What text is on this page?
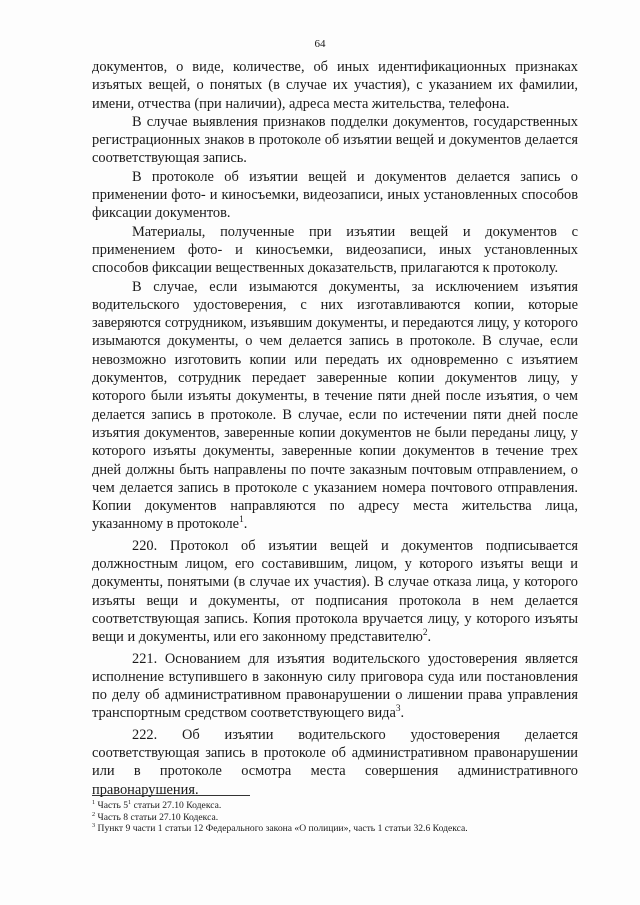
64

документов, о виде, количестве, об иных идентификационных признаках изъятых вещей, о понятых (в случае их участия), с указанием их фамилии, имени, отчества (при наличии), адреса места жительства, телефона.

В случае выявления признаков подделки документов, государственных регистрационных знаков в протоколе об изъятии вещей и документов делается соответствующая запись.

В протоколе об изъятии вещей и документов делается запись о применении фото- и киносъемки, видеозаписи, иных установленных способов фиксации документов.

Материалы, полученные при изъятии вещей и документов с применением фото- и киносъемки, видеозаписи, иных установленных способов фиксации вещественных доказательств, прилагаются к протоколу.

В случае, если изымаются документы, за исключением изъятия водительского удостоверения, с них изготавливаются копии, которые заверяются сотрудником, изъявшим документы, и передаются лицу, у которого изымаются документы, о чем делается запись в протоколе. В случае, если невозможно изготовить копии или передать их одновременно с изъятием документов, сотрудник передает заверенные копии документов лицу, у которого были изъяты документы, в течение пяти дней после изъятия, о чем делается запись в протоколе. В случае, если по истечении пяти дней после изъятия документов, заверенные копии документов не были переданы лицу, у которого изъяты документы, заверенные копии документов в течение трех дней должны быть направлены по почте заказным почтовым отправлением, о чем делается запись в протоколе с указанием номера почтового отправления. Копии документов направляются по адресу места жительства лица, указанному в протоколе$^1$.

220. Протокол об изъятии вещей и документов подписывается должностным лицом, его составившим, лицом, у которого изъяты вещи и документы, понятыми (в случае их участия). В случае отказа лица, у которого изъяты вещи и документы, от подписания протокола в нем делается соответствующая запись. Копия протокола вручается лицу, у которого изъяты вещи и документы, или его законному представителю$^2$.

221. Основанием для изъятия водительского удостоверения является исполнение вступившего в законную силу приговора суда или постановления по делу об административном правонарушении о лишении права управления транспортным средством соответствующего вида$^3$.

222. Об изъятии водительского удостоверения делается соответствующая запись в протоколе об административном правонарушении или в протоколе осмотра места совершения административного правонарушения.

$^1$ Часть $5^1$ статьи 27.10 Кодекса.
$^2$ Часть 8 статьи 27.10 Кодекса.
$^3$ Пункт 9 части 1 статьи 12 Федерального закона «О полиции», часть 1 статьи 32.6 Кодекса.
